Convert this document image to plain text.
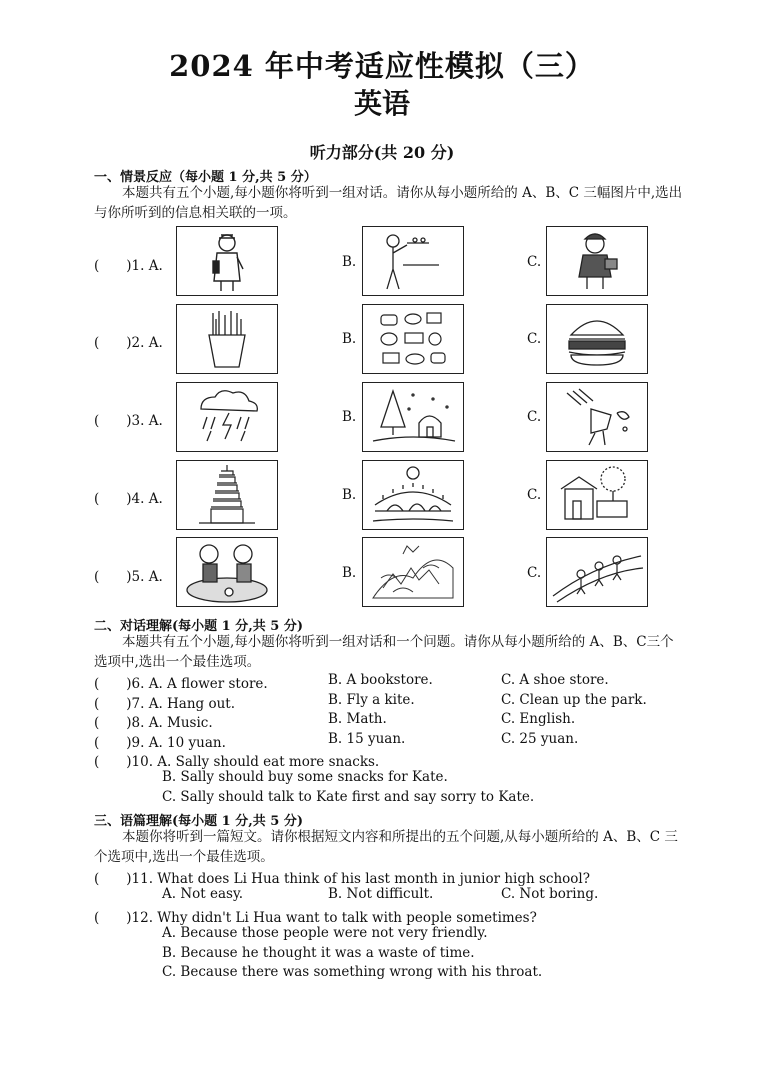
2024 年中考适应性模拟（三）
英语
听力部分(共 20 分)
一、情景反应（每小题 1 分,共 5 分）
本题共有五个小题,每小题你将听到一组对话。请你从每小题所给的 A、B、C 三幅图片中,选出与你所听到的信息相关联的一项。
(　　)1. A.	B.	C.
(　　)2. A.	B.	C.
(　　)3. A.	B.	C.
(　　)4. A.	B.	C.
(　　)5. A.	B.	C.
二、对话理解(每小题 1 分,共 5 分)
本题共有五个小题,每小题你将听到一组对话和一个问题。请你从每小题所给的 A、B、C三个选项中,选出一个最佳选项。
(　　)6. A. A flower store.	B. A bookstore.	C. A shoe store.
(　　)7. A. Hang out.	B. Fly a kite.	C. Clean up the park.
(　　)8. A. Music.	B. Math.	C. English.
(　　)9. A. 10 yuan.	B. 15 yuan.	C. 25 yuan.
(　　)10. A. Sally should eat more snacks.
B. Sally should buy some snacks for Kate.
C. Sally should talk to Kate first and say sorry to Kate.
三、语篇理解(每小题 1 分,共 5 分)
本题你将听到一篇短文。请你根据短文内容和所提出的五个问题,从每小题所给的 A、B、C 三个选项中,选出一个最佳选项。
(　　)11. What does Li Hua think of his last month in junior high school?
A. Not easy.	B. Not difficult.	C. Not boring.
(　　)12. Why didn't Li Hua want to talk with people sometimes?
A. Because those people were not very friendly.
B. Because he thought it was a waste of time.
C. Because there was something wrong with his throat.
